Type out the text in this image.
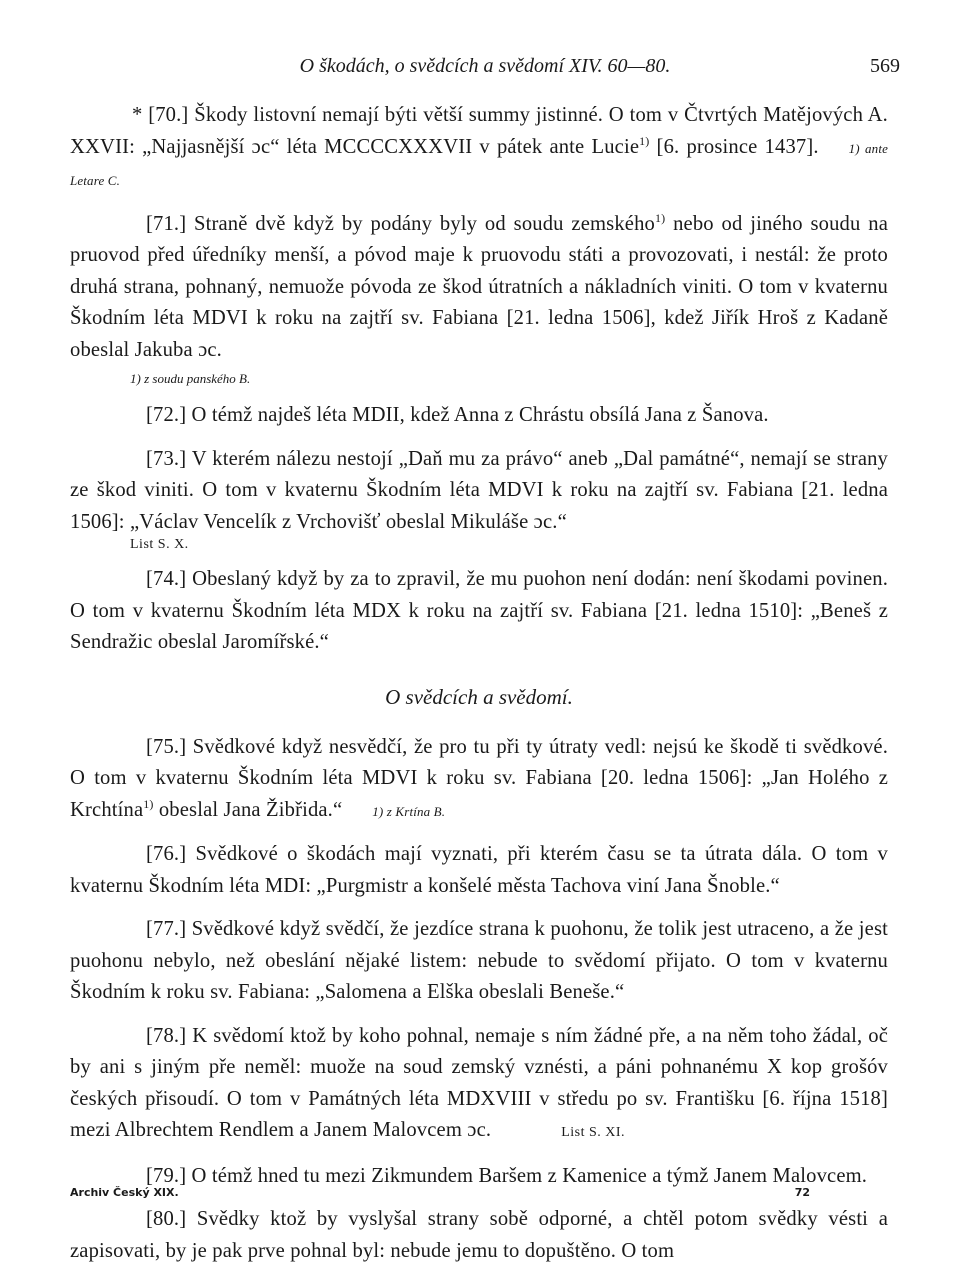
O škodách, o svědcích a svědomí XIV. 60—80.	569

* [70.] Škody listovní nemají býti větší summy jistinné. O tom v Čtvrtých Matějových A. XXVII: „Najjasnější ɔc“ léta MCCCCXXXVII v pátek ante Lucie$^{1)}$ [6. prosince 1437]. 1) ante Letare C.

[71.] Straně dvě když by podány byly od soudu zemského$^{1)}$ nebo od jiného soudu na pruovod před úředníky menší, a póvod maje k pruovodu státi a provozovati, i nestál: že proto druhá strana, pohnaný, nemuože póvoda ze škod útratních a nákladních viniti. O tom v kvaternu Škodním léta MDVI k roku na zajtří sv. Fabiana [21. ledna 1506], kdež Jiřík Hroš z Kadaně obeslal Jakuba ɔc.

1) z soudu panského B.

[72.] O témž najdeš léta MDII, kdež Anna z Chrástu obsílá Jana z Šanova.

[73.] V kterém nálezu nestojí „Daň mu za právo“ aneb „Dal památné“, nemají se strany ze škod viniti. O tom v kvaternu Škodním léta MDVI k roku na zajtří sv. Fabiana [21. ledna 1506]: „Václav Vencelík z Vrchovišť obeslal Mikuláše ɔc.“

List S. X.

[74.] Obeslaný když by za to zpravil, že mu puohon není dodán: není škodami povinen. O tom v kvaternu Škodním léta MDX k roku na zajtří sv. Fabiana [21. ledna 1510]: „Beneš z Sendražic obeslal Jaromířské.“

O svědcích a svědomí.

[75.] Svědkové když nesvědčí, že pro tu při ty útraty vedl: nejsú ke škodě ti svědkové. O tom v kvaternu Škodním léta MDVI k roku sv. Fabiana [20. ledna 1506]: „Jan Holého z Krchtína$^{1)}$ obeslal Jana Žibřida.“ 1) z Krtína B.

[76.] Svědkové o škodách mají vyznati, při kterém času se ta útrata dála. O tom v kvaternu Škodním léta MDI: „Purgmistr a konšelé města Tachova viní Jana Šnoble.“

[77.] Svědkové když svědčí, že jezdíce strana k puohonu, že tolik jest utraceno, a že jest puohonu nebylo, než obeslání nějaké listem: nebude to svědomí přijato. O tom v kvaternu Škodním k roku sv. Fabiana: „Salomena a Elška obeslali Beneše.“

[78.] K svědomí ktož by koho pohnal, nemaje s ním žádné pře, a na něm toho žádal, oč by ani s jiným pře neměl: muože na soud zemský vznésti, a páni pohnanému X kop grošóv českých přisoudí. O tom v Památných léta MDXVIII v středu po sv. Františku [6. října 1518] mezi Albrechtem Rendlem a Janem Malovcem ɔc.	List S. XI.

[79.] O témž hned tu mezi Zikmundem Baršem z Kamenice a týmž Janem Malovcem.

[80.] Svědky ktož by vyslyšal strany sobě odporné, a chtěl potom svědky vésti a zapisovati, by je pak prve pohnal byl: nebude jemu to dopuštěno. O tom

Archiv Český XIX.	72
